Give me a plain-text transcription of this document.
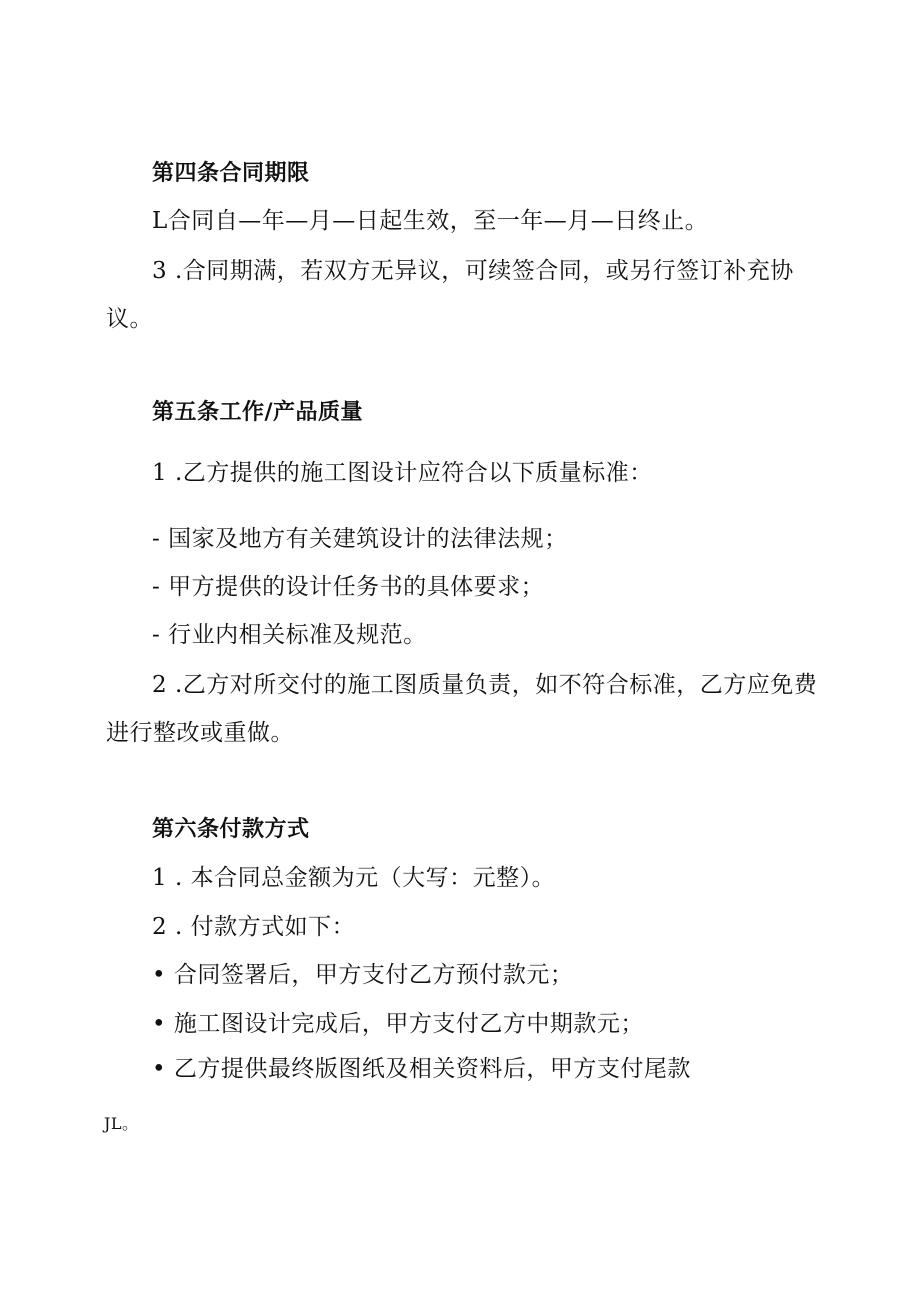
第四条合同期限
L合同自—年—月—日起生效，至一年—月—日终止。
3 .合同期满，若双方无异议，可续签合同，或另行签订补充协
议。
第五条工作/产品质量
1 .乙方提供的施工图设计应符合以下质量标准：
- 国家及地方有关建筑设计的法律法规；
- 甲方提供的设计任务书的具体要求；
- 行业内相关标准及规范。
2 .乙方对所交付的施工图质量负责，如不符合标准，乙方应免费
进行整改或重做。
第六条付款方式
1 . 本合同总金额为元（大写：元整）。
2 . 付款方式如下：
• 合同签署后，甲方支付乙方预付款元；
• 施工图设计完成后，甲方支付乙方中期款元；
• 乙方提供最终版图纸及相关资料后，甲方支付尾款
JL。
